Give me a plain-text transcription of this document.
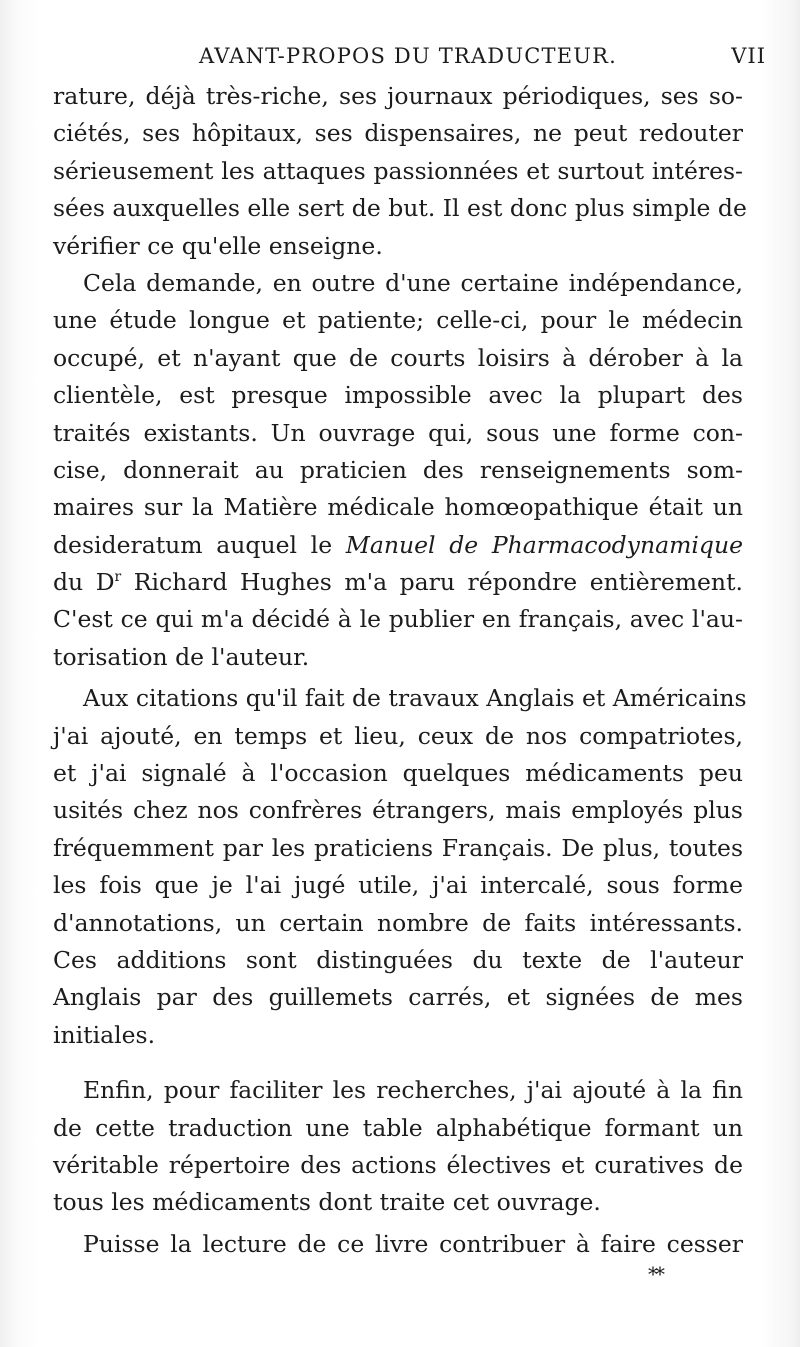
AVANT-PROPOS DU TRADUCTEUR.	VII
rature, déjà très-riche, ses journaux périodiques, ses so-
ciétés, ses hôpitaux, ses dispensaires, ne peut redouter
sérieusement les attaques passionnées et surtout intéres-
sées auxquelles elle sert de but. Il est donc plus simple de
vérifier ce qu'elle enseigne.
Cela demande, en outre d'une certaine indépendance,
une étude longue et patiente; celle-ci, pour le médecin
occupé, et n'ayant que de courts loisirs à dérober à la
clientèle, est presque impossible avec la plupart des
traités existants. Un ouvrage qui, sous une forme con-
cise, donnerait au praticien des renseignements som-
maires sur la Matière médicale homœopathique était un
desideratum auquel le Manuel de Pharmacodynamique
du $D^r$ Richard Hughes m'a paru répondre entièrement.
C'est ce qui m'a décidé à le publier en français, avec l'au-
torisation de l'auteur.
Aux citations qu'il fait de travaux Anglais et Américains
j'ai ajouté, en temps et lieu, ceux de nos compatriotes,
et j'ai signalé à l'occasion quelques médicaments peu
usités chez nos confrères étrangers, mais employés plus
fréquemment par les praticiens Français. De plus, toutes
les fois que je l'ai jugé utile, j'ai intercalé, sous forme
d'annotations, un certain nombre de faits intéressants.
Ces additions sont distinguées du texte de l'auteur
Anglais par des guillemets carrés, et signées de mes
initiales.
Enfin, pour faciliter les recherches, j'ai ajouté à la fin
de cette traduction une table alphabétique formant un
véritable répertoire des actions électives et curatives de
tous les médicaments dont traite cet ouvrage.
Puisse la lecture de ce livre contribuer à faire cesser
**
